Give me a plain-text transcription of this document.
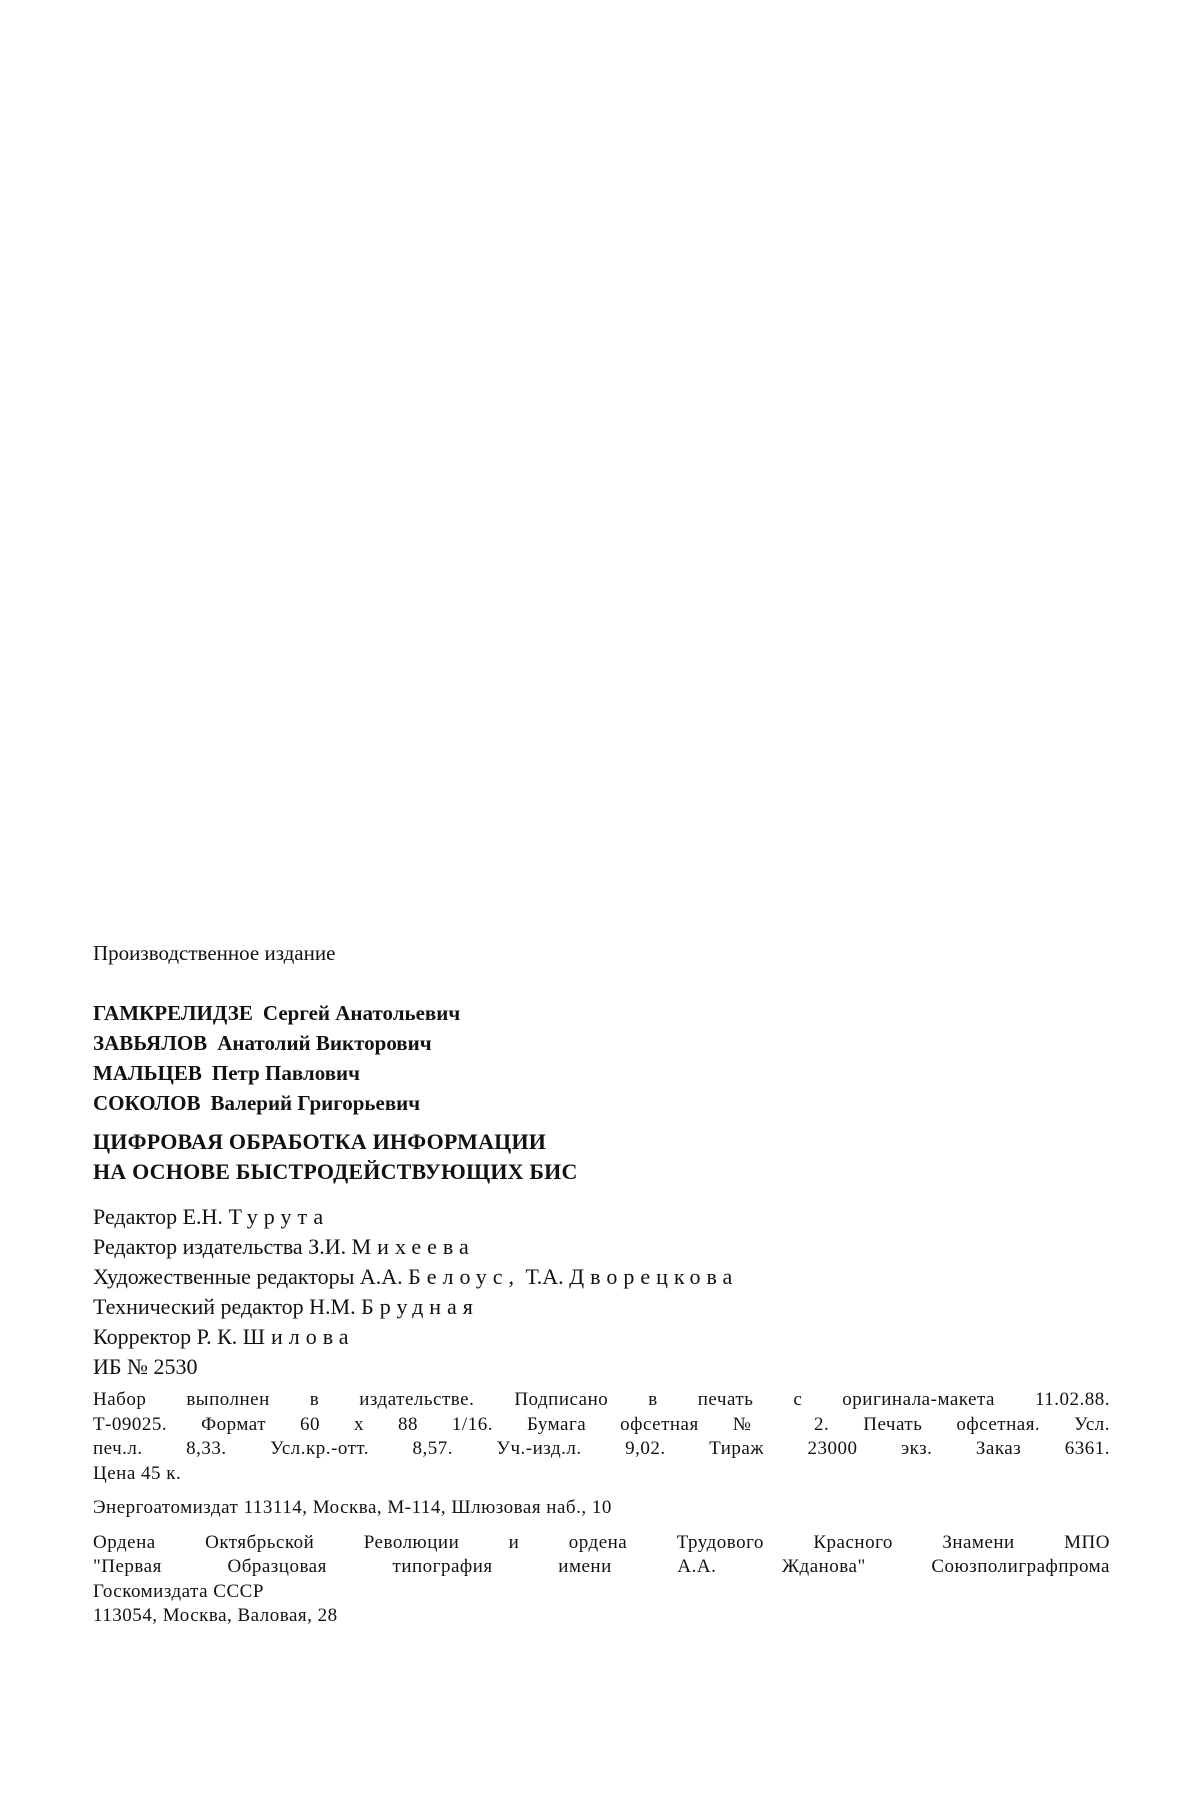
Производственное издание
ГАМКРЕЛИДЗЕ Сергей Анатольевич
ЗАВЬЯЛОВ Анатолий Викторович
МАЛЬЦЕВ Петр Павлович
СОКОЛОВ Валерий Григорьевич
ЦИФРОВАЯ ОБРАБОТКА ИНФОРМАЦИИ
НА ОСНОВЕ БЫСТРОДЕЙСТВУЮЩИХ БИС
Редактор Е.Н. Турута
Редактор издательства З.И. Михеева
Художественные редакторы А.А. Белоус, Т.А. Дворецкова
Технический редактор Н.М. Брудная
Корректор Р. К. Шилова
ИБ № 2530
Набор выполнен в издательстве. Подписано в печать с оригинала-макета 11.02.88.
Т-09025. Формат 60 х 88 1/16. Бумага офсетная № 2. Печать офсетная. Усл.
печ.л. 8,33. Усл.кр.-отт. 8,57. Уч.-изд.л. 9,02. Тираж 23000 экз. Заказ 6361.
Цена 45 к.
Энергоатомиздат 113114, Москва, М-114, Шлюзовая наб., 10
Ордена Октябрьской Революции и ордена Трудового Красного Знамени МПО
"Первая Образцовая типография имени А.А. Жданова" Союзполиграфпрома
Госкомиздата СССР
113054, Москва, Валовая, 28
